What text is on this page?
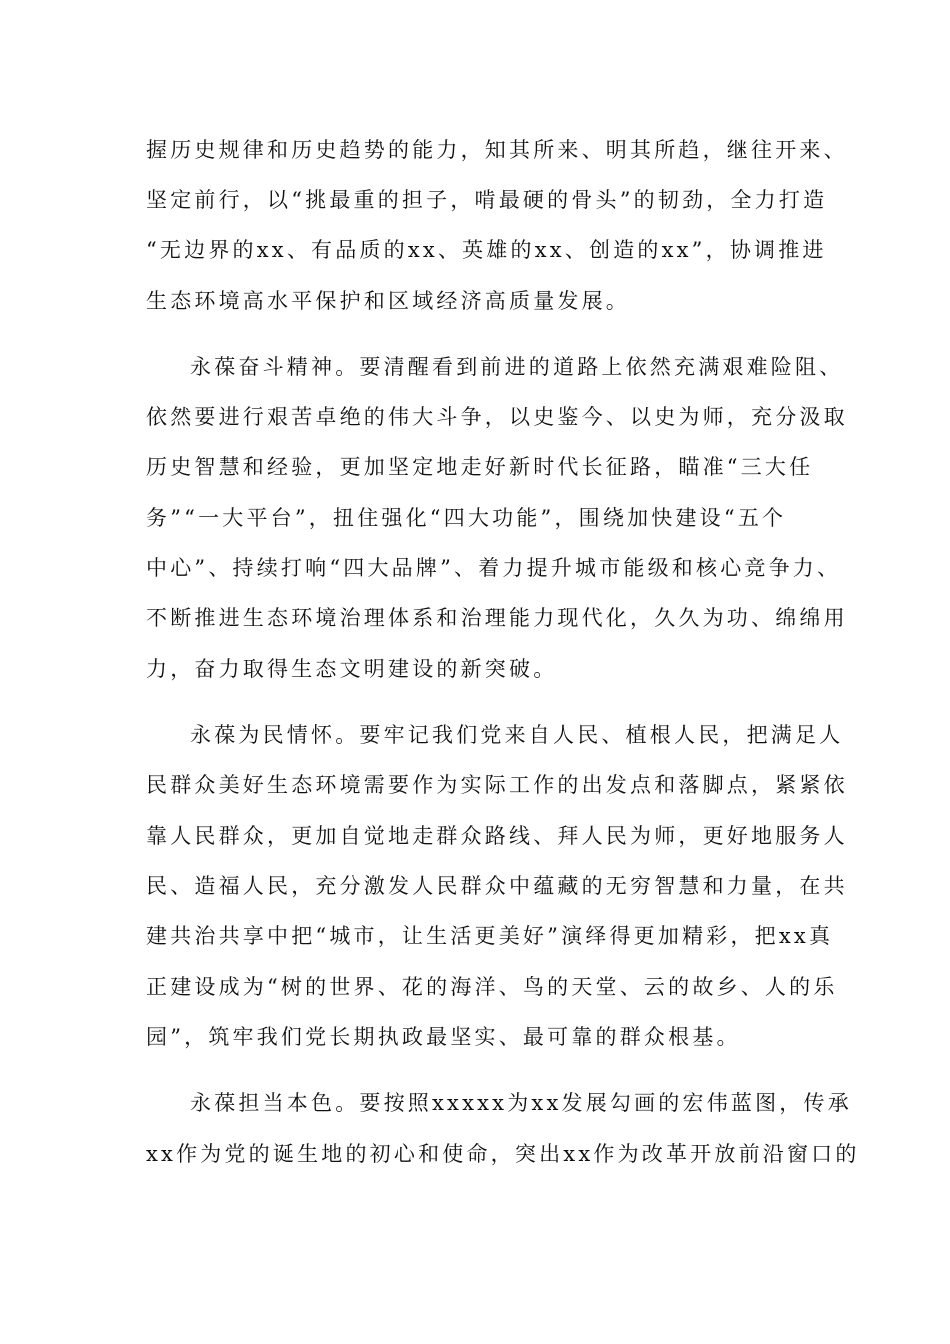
握历史规律和历史趋势的能力，知其所来、明其所趋，继往开来、
坚定前行，以“挑最重的担子，啃最硬的骨头”的韧劲，全力打造
“无边界的xx、有品质的xx、英雄的xx、创造的xx”，协调推进
生态环境高水平保护和区域经济高质量发展。
永葆奋斗精神。要清醒看到前进的道路上依然充满艰难险阻、
依然要进行艰苦卓绝的伟大斗争，以史鉴今、以史为师，充分汲取
历史智慧和经验，更加坚定地走好新时代长征路，瞄准“三大任
务”“一大平台”，扭住强化“四大功能”，围绕加快建设“五个
中心”、持续打响“四大品牌”、着力提升城市能级和核心竞争力、
不断推进生态环境治理体系和治理能力现代化，久久为功、绵绵用
力，奋力取得生态文明建设的新突破。
永葆为民情怀。要牢记我们党来自人民、植根人民，把满足人
民群众美好生态环境需要作为实际工作的出发点和落脚点，紧紧依
靠人民群众，更加自觉地走群众路线、拜人民为师，更好地服务人
民、造福人民，充分激发人民群众中蕴藏的无穷智慧和力量，在共
建共治共享中把“城市，让生活更美好”演绎得更加精彩，把xx真
正建设成为“树的世界、花的海洋、鸟的天堂、云的故乡、人的乐
园”，筑牢我们党长期执政最坚实、最可靠的群众根基。
永葆担当本色。要按照xxxxx为xx发展勾画的宏伟蓝图，传承
xx作为党的诞生地的初心和使命，突出xx作为改革开放前沿窗口的
